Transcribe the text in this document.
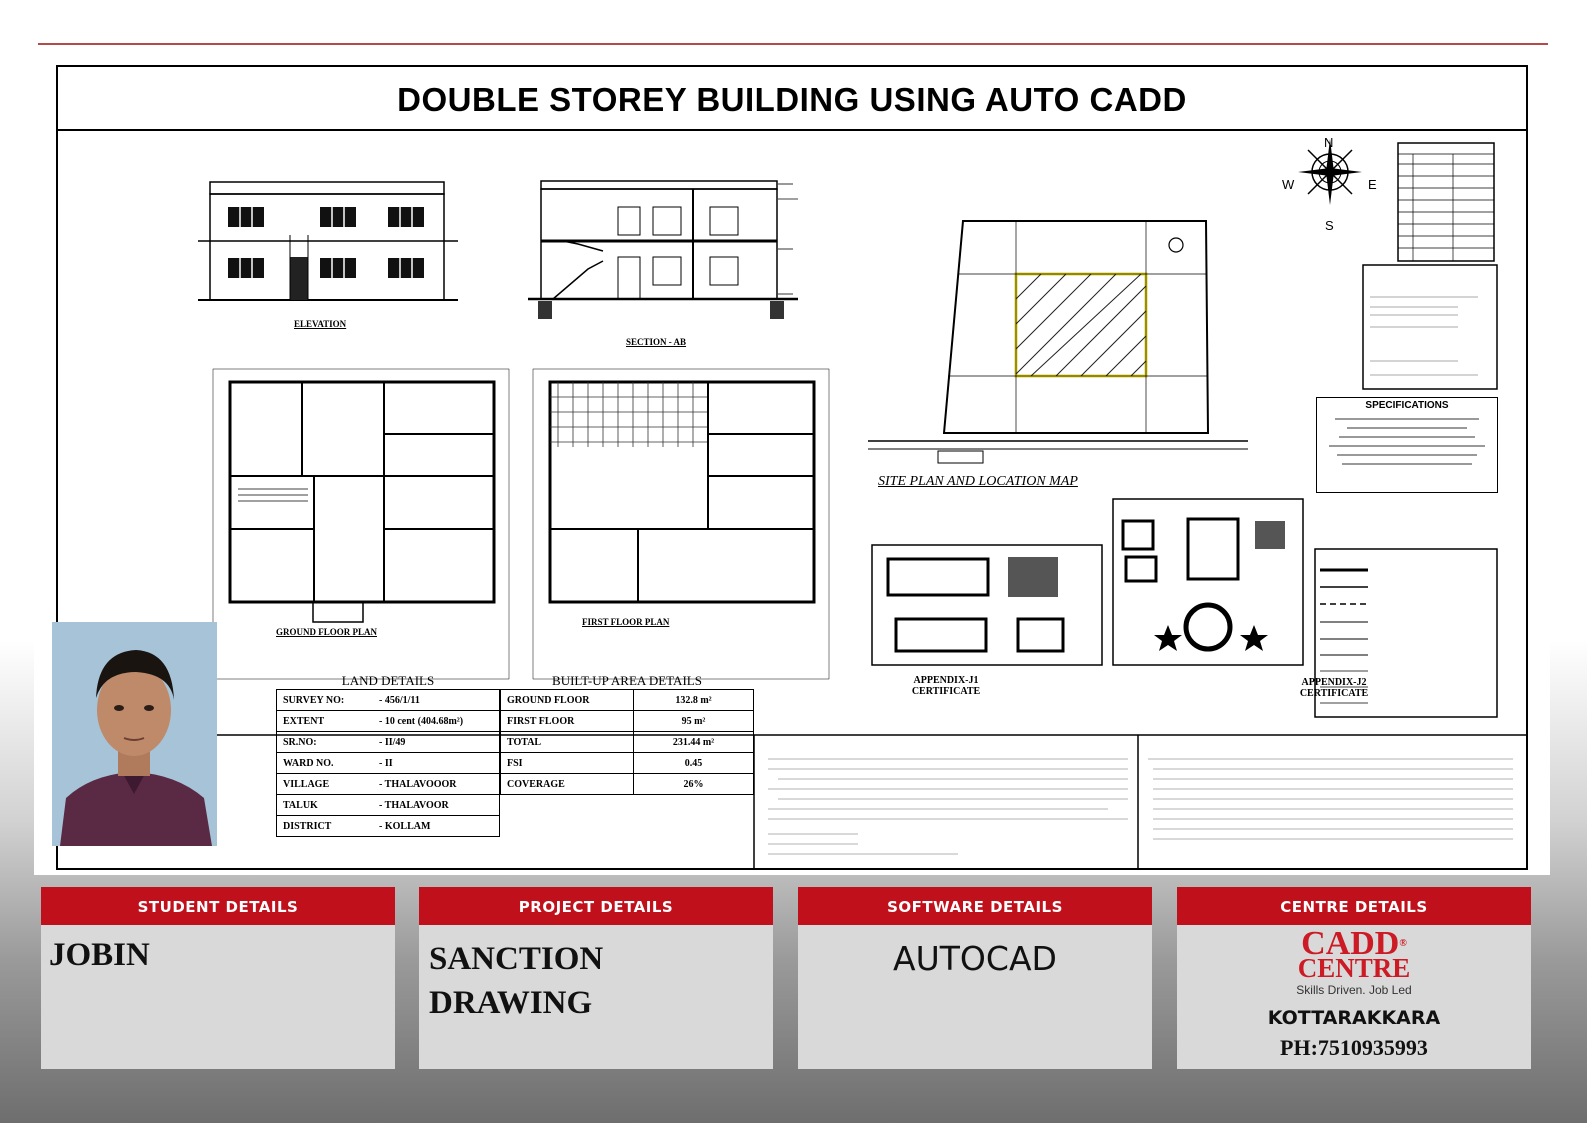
DOUBLE STOREY BUILDING USING AUTO CADD
ELEVATION
SECTION - AB
GROUND FLOOR PLAN
FIRST FLOOR PLAN
SITE PLAN AND LOCATION MAP
N
S
W	E
SPECIFICATIONS
LAND DETAILS
SURVEY NO:	- 456/1/11
EXTENT	- 10 cent (404.68m²)
SR.NO:	- II/49
WARD NO.	- II
VILLAGE	- THALAVOOOR
TALUK	- THALAVOOR
DISTRICT	- KOLLAM
BUILT-UP AREA DETAILS
GROUND FLOOR	132.8 m²
FIRST FLOOR	95 m²
TOTAL	231.44 m²
FSI	0.45
COVERAGE	26%
APPENDIX-J1
CERTIFICATE
APPENDIX-J2
CERTIFICATE
STUDENT DETAILS
JOBIN
PROJECT DETAILS
SANCTION
DRAWING
SOFTWARE DETAILS
AUTOCAD
CENTRE DETAILS
CADD®
CENTRE
Skills Driven. Job Led
KOTTARAKKARA
PH:7510935993
